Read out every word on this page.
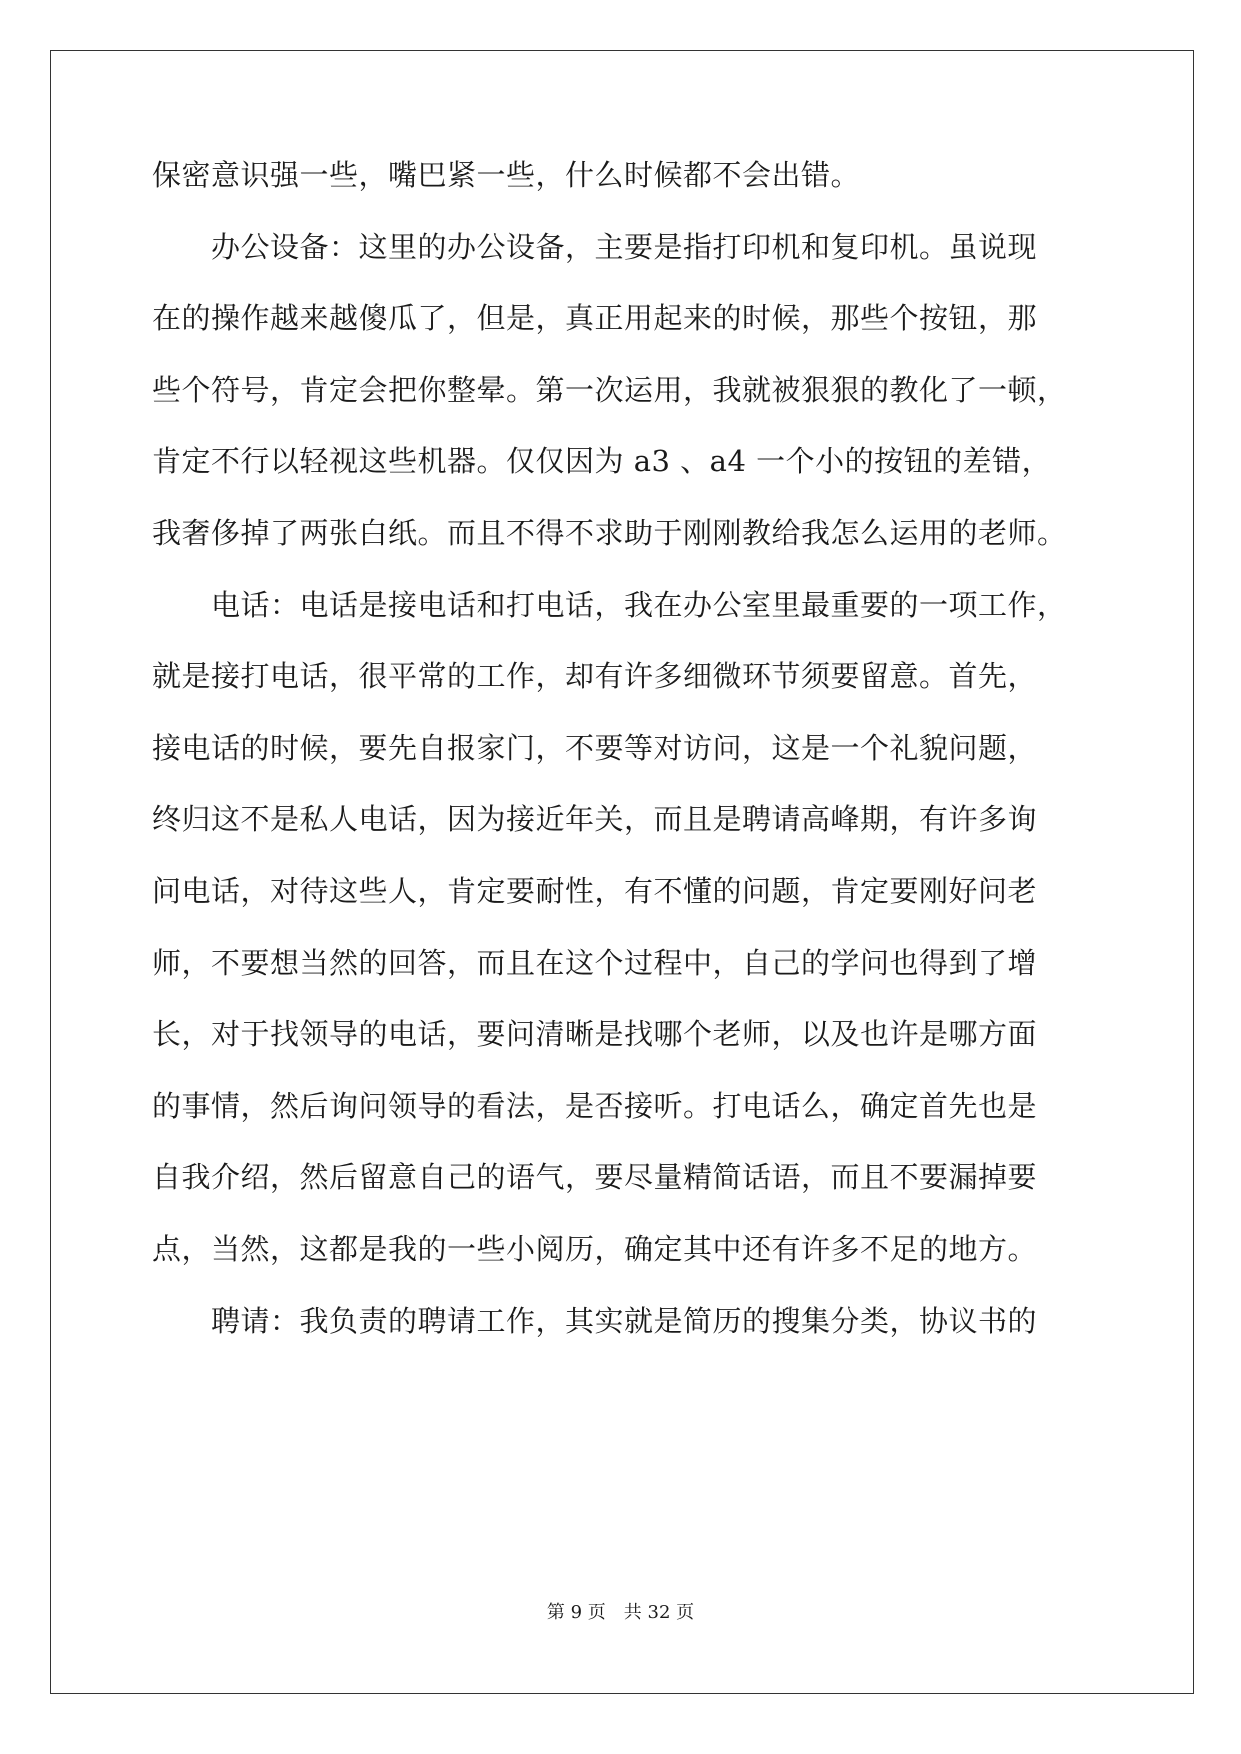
保密意识强一些，嘴巴紧一些，什么时候都不会出错。
　　办公设备：这里的办公设备，主要是指打印机和复印机。虽说现
在的操作越来越傻瓜了，但是，真正用起来的时候，那些个按钮，那
些个符号，肯定会把你整晕。第一次运用，我就被狠狠的教化了一顿，
肯定不行以轻视这些机器。仅仅因为 a3 、a4 一个小的按钮的差错，
我奢侈掉了两张白纸。而且不得不求助于刚刚教给我怎么运用的老师。
　　电话：电话是接电话和打电话，我在办公室里最重要的一项工作，
就是接打电话，很平常的工作，却有许多细微环节须要留意。首先，
接电话的时候，要先自报家门，不要等对访问，这是一个礼貌问题，
终归这不是私人电话，因为接近年关，而且是聘请高峰期，有许多询
问电话，对待这些人，肯定要耐性，有不懂的问题，肯定要刚好问老
师，不要想当然的回答，而且在这个过程中，自己的学问也得到了增
长，对于找领导的电话，要问清晰是找哪个老师，以及也许是哪方面
的事情，然后询问领导的看法，是否接听。打电话么，确定首先也是
自我介绍，然后留意自己的语气，要尽量精简话语，而且不要漏掉要
点，当然，这都是我的一些小阅历，确定其中还有许多不足的地方。
　　聘请：我负责的聘请工作，其实就是简历的搜集分类，协议书的
第 9 页　共 32 页
